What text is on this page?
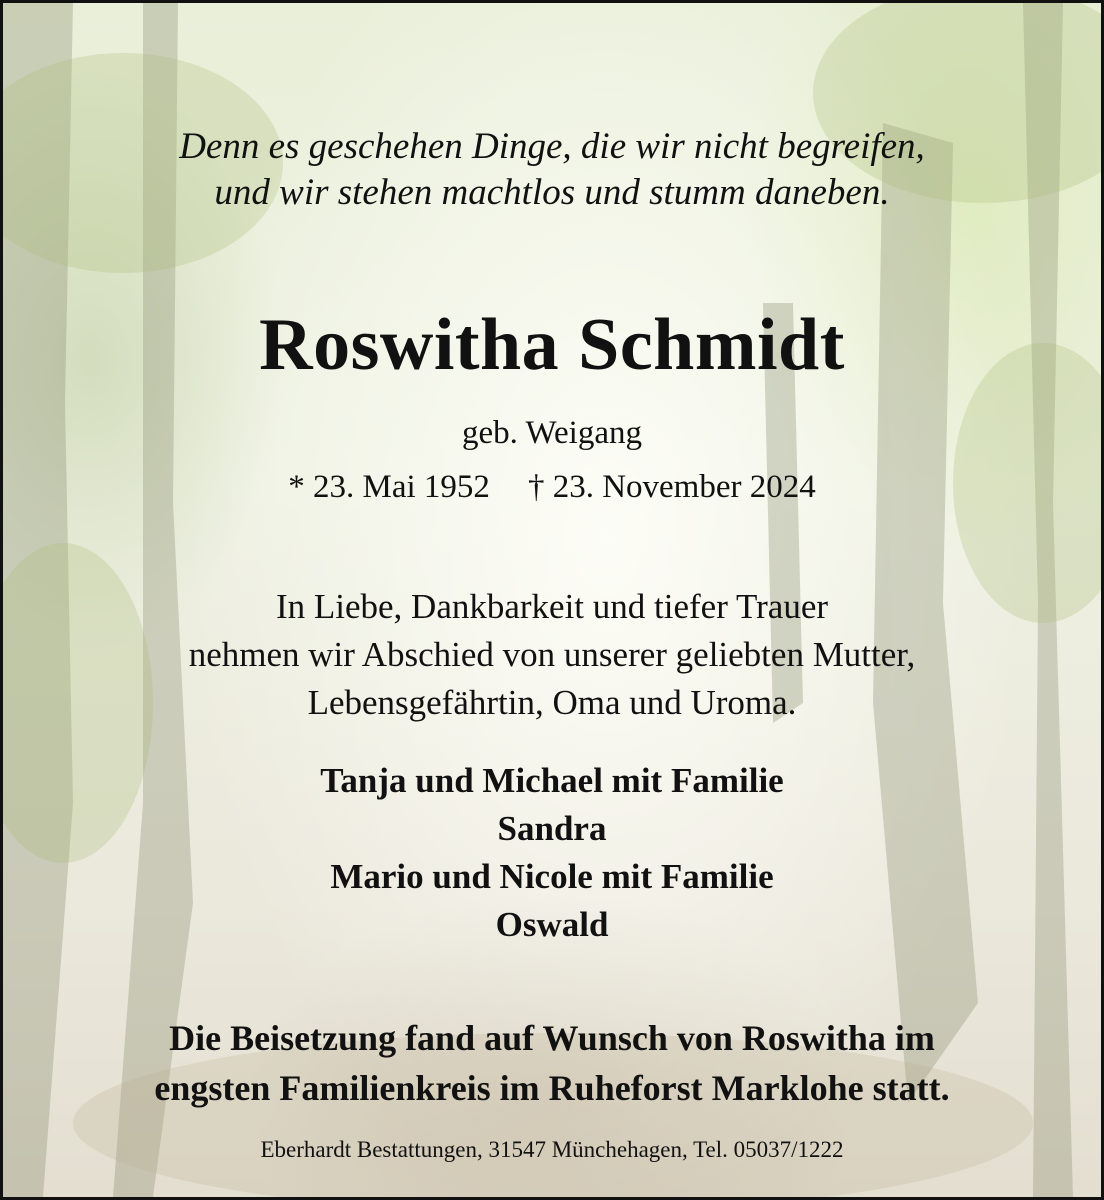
Denn es geschehen Dinge, die wir nicht begreifen,
und wir stehen machtlos und stumm daneben.
Roswitha Schmidt
geb. Weigang
* 23. Mai 1952 † 23. November 2024
In Liebe, Dankbarkeit und tiefer Trauer
nehmen wir Abschied von unserer geliebten Mutter,
Lebensgefährtin, Oma und Uroma.
Tanja und Michael mit Familie
Sandra
Mario und Nicole mit Familie
Oswald
Die Beisetzung fand auf Wunsch von Roswitha im
engsten Familienkreis im Ruheforst Marklohe statt.
Eberhardt Bestattungen, 31547 Münchehagen, Tel. 05037/1222
